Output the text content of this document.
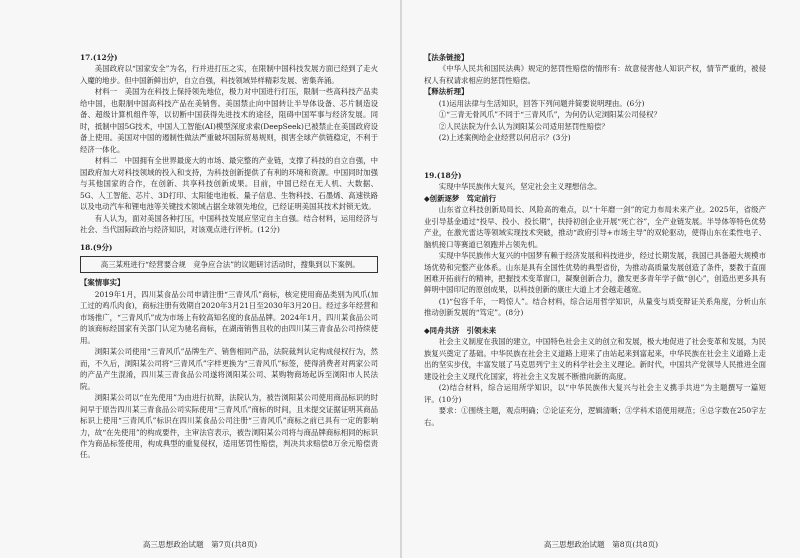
17.(12分)

美国政府以“国家安全”为名，行并进打压之实，在限制中国科技发展方面已经到了走火入魔的地步。但中国新鲜出炉，自立自强，科技领域异样精彩发展、密集奔涌。

材料一　美国为在科技上保持领先地位，极力对中国进行打压，限制一些高科技产品卖给中国，也限制中国高科技产品在美销售。美国禁止向中国转让半导体设备、芯片制造设备、超级计算机组件等，以切断中国获得先进技术的途径，阻碍中国军事与经济发展。同时，抵制中国5G技术，中国人工智能(AI)模型深度求索(DeepSeek)已被禁止在美国政府设备上使用。美国对中国的遏制性做法严重破坏国际贸易规则，损害全球产供链稳定，不利于经济一体化。

材料二　中国拥有全世界最庞大的市场、最完整的产业链，支撑了科技的自立自强，中国政府加大对科技领域的投入和支持，为科技创新提供了有利的环境和资源。中国同时加强与其他国家的合作，在创新、共享科技创新成果。目前，中国已经在无人机、大数据、5G、人工智能、芯片、3D打印、太阳能电池板、量子信息、生物科技、石墨烯、高速铁路以及电动汽车和锂电池等关键技术领域占据全球领先地位，已经证明美国其技术封锁无效。

有人认为，面对美国各种打压，中国科技发展应坚定自主自强。结合材料，运用经济与社会、当代国际政治与经济知识，对该观点进行评析。(12分)

18.(9分)

高三某班进行“经营要合规　竞争应合法”的议题研讨活动时，搜集到以下案例。

【案情事实】

2019年1月，四川某食品公司申请注册“三青风爪”商标，核定使用商品类别为风爪(加工过的鸡爪肉食)，商标注册有效期自2020年3月21日至2030年3月20日。经过多年经营和市场推广，“三青风爪”成为市场上有较高知名度的食品品牌。2024年1月，四川某食品公司的该商标经国家有关部门认定为驰名商标，在湖南销售且收的由四川某三青食品公司持续使用。

浏阳某公司使用“三青风爪”品牌生产、销售相同产品，法院裁判认定构成侵权行为，然而，不久后，浏阳某公司将“三青风爪”字样更换为“三青风爪”标签，使得消费者对两家公司的产品产生混淆，四川某三青食品公司遂将浏阳某公司、某购物商场起诉至浏阳市人民法院。

浏阳某公司以“在先使用”为由进行抗辩，法院认为，被告浏阳某公司使用商品标识的时间早于原告四川某三青食品公司实际使用“三青风爪”商标的时间，且未提交证据证明其商品标识上使用“三青风爪”标识在四川某食品公司注册“三青风爪”商标之前已具有一定的影响力，故“在先使用”的构成要件，主审法官表示，被告浏阳某公司将与商品牌商标相同的标识作为商品标签使用，构成典型的重复侵权，适用惩罚性赔偿，判决共求赔偿8万余元赔偿责任。

高三思想政治试题　第7页(共8页)

【法条链接】

《中华人民共和国民法典》规定的惩罚性赔偿的情形有：故意侵害他人知识产权，情节严重的，被侵权人有权请求相应的惩罚性赔偿。

【释法析理】

(1)运用法律与生活知识，回答下列问题并简要说明理由。(6分)

①“三青无骨风爪”不同于“三青风爪”，为何仍认定浏阳某公司侵权？

②人民法院为什么认为浏阳某公司适用惩罚性赔偿？

(2)上述案例给企业经营以何启示？(3分)

19.(18分)

实现中华民族伟大复兴，坚定社会主义理想信念。

◆创新逐梦　笃定前行

山东省立科技创新局局长、风险高的难点，以“十年磨一剑”的定力布局未来产业。2025年，省级产业引导基金通过“投早、投小、投长期”，扶持初创企业开展“死亡谷”，全产业链发展。半导体等特色优势产业，在激光雷达等领域实现技术突破，推动“政府引导+市场主导”的双轮驱动，使得山东在柔性电子、脑机接口等赛道已领跑并占领先机。

实现中华民族伟大复兴的中国梦有赖于经济发展和科技进步，经过长期发展，我国已具备超大规模市场优势和完整产业体系。山东是具有全国性优势的典型省份，为推动高质量发展创造了条件，要教于直面困难开拓前行的精神，把握技术变革窗口，凝聚创新合力，激发更多青年学子做“创心”，创造出更多具有鲜明中国印记的原创成果，以科技创新的康庄大道上才会越走越宽。

(1)“包容千年，一鸣惊人”。结合材料，综合运用哲学知识，从量变与质变辩证关系角度，分析山东推动创新发展的“笃定”。(8分)

◆同舟共济　引领未来

社会主义制度在我国的建立，中国特色社会主义的创立和发展，极大地促进了社会变革和发展，为民族复兴奠定了基础。中华民族在社会主义道路上迎来了由站起来到富起来，中华民族在社会主义道路上走出的坚实步伐，丰富发展了马克思列宁主义的科学社会主义理论。新时代，中国共产党领导人民推进全面建设社会主义现代化国家，将社会主义发展不断推向新的高度。

(2)结合材料，综合运用所学知识，以“中华民族伟大复兴与社会主义携手共进”为主题撰写一篇短评。(10分)

要求：①围绕主题，观点明确；②论证充分，逻辑清晰；③学科术语使用规范；④总字数在250字左右。

高三思想政治试题　第8页(共8页)
